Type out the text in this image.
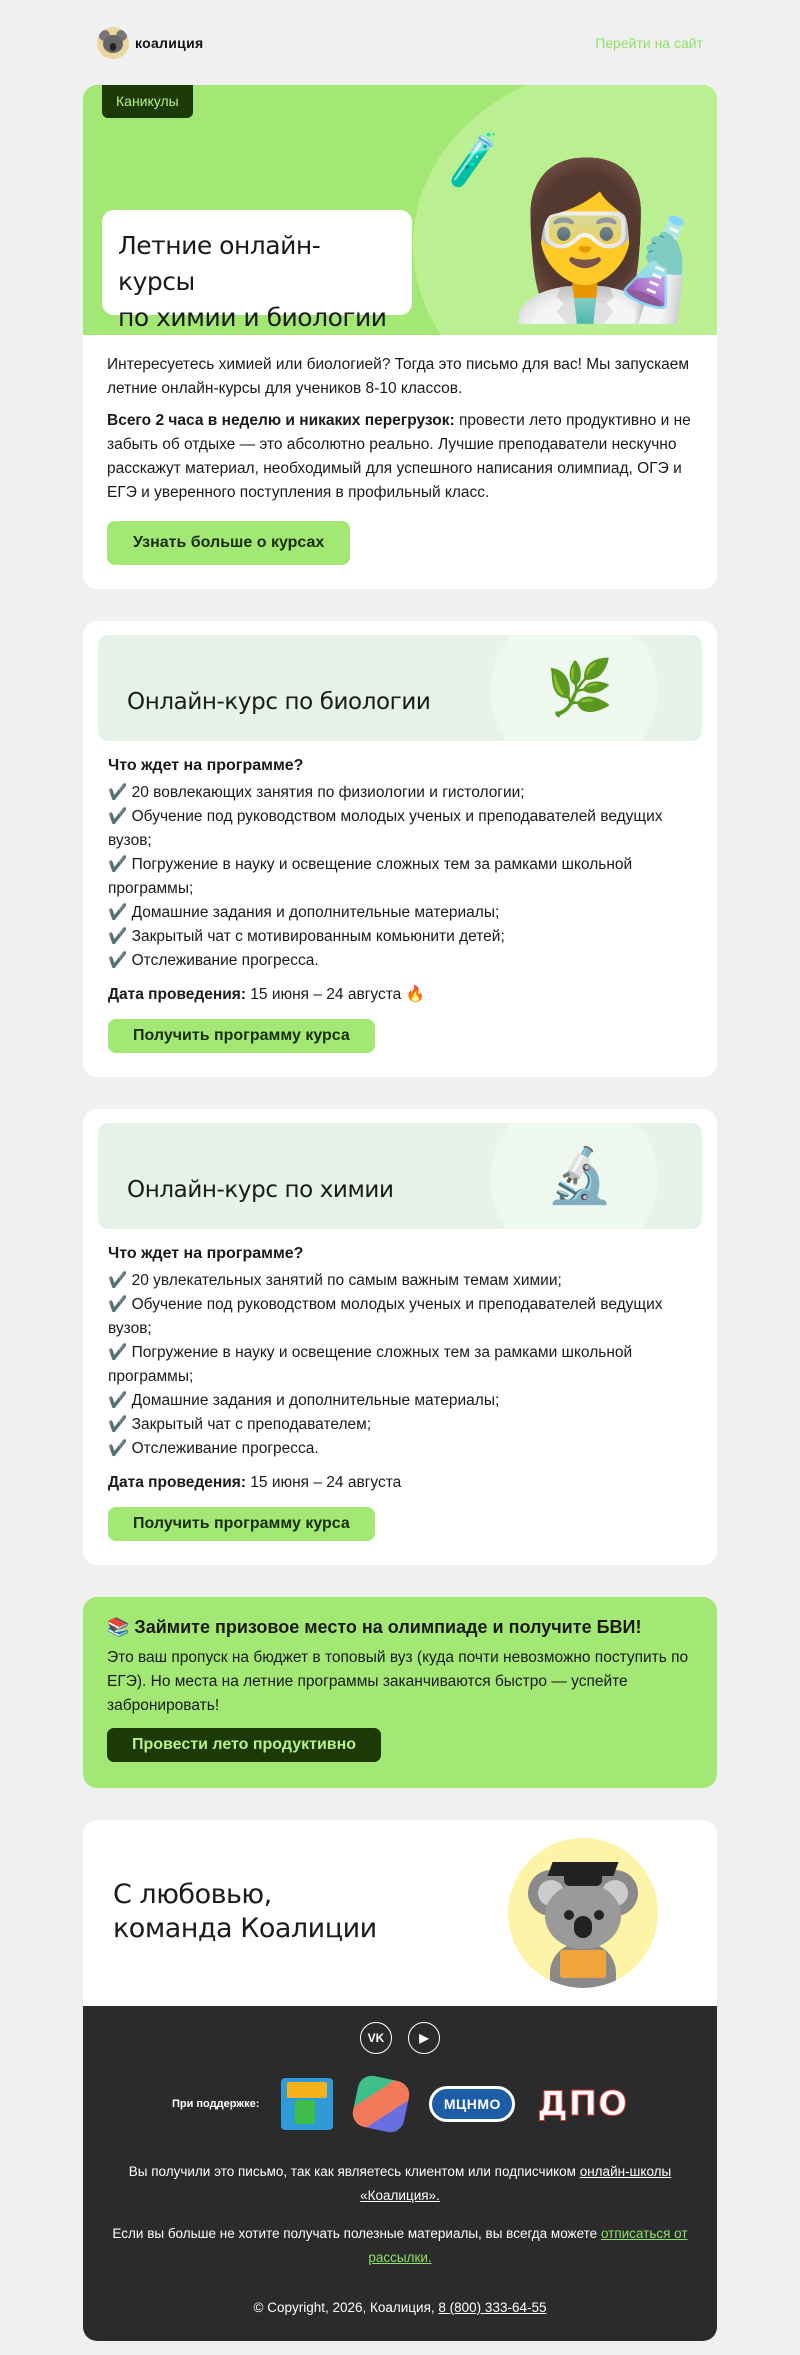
коалиция	Перейти на сайт
Каникулы
🧪 👩‍🔬
Летние онлайн-курсы
по химии и биологии

Интересуетесь химией или биологией? Тогда это письмо для вас! Мы запускаем летние онлайн-курсы для учеников 8-10 классов.

Всего 2 часа в неделю и никаких перегрузок: провести лето продуктивно и не забыть об отдыхе — это абсолютно реально. Лучшие преподаватели нескучно расскажут материал, необходимый для успешного написания олимпиад, ОГЭ и ЕГЭ и уверенного поступления в профильный класс.

Узнать больше о курсах
🌿
Онлайн-курс по биологии
Что ждет на программе?
✔️ 20 вовлекающих занятия по физиологии и гистологии;
✔️ Обучение под руководством молодых ученых и преподавателей ведущих вузов;
✔️ Погружение в науку и освещение сложных тем за рамками школьной программы;
✔️ Домашние задания и дополнительные материалы;
✔️ Закрытый чат с мотивированным комьюнити детей;
✔️ Отслеживание прогресса.
Дата проведения: 15 июня – 24 августа 🔥
Получить программу курса
🔬
Онлайн-курс по химии
Что ждет на программе?
✔️ 20 увлекательных занятий по самым важным темам химии;
✔️ Обучение под руководством молодых ученых и преподавателей ведущих вузов;
✔️ Погружение в науку и освещение сложных тем за рамками школьной программы;
✔️ Домашние задания и дополнительные материалы;
✔️ Закрытый чат с преподавателем;
✔️ Отслеживание прогресса.
Дата проведения: 15 июня – 24 августа
Получить программу курса
📚 Займите призовое место на олимпиаде и получите БВИ!
Это ваш пропуск на бюджет в топовый вуз (куда почти невозможно поступить по ЕГЭ). Но места на летние программы заканчиваются быстро — успейте забронировать!
Провести лето продуктивно
С любовью,
команда Коалиции
VK	▶
При поддержке:	МЦНМО	ДПО

Вы получили это письмо, так как являетесь клиентом или подписчиком онлайн-школы «Коалиция».

Если вы больше не хотите получать полезные материалы, вы всегда можете отписаться от рассылки.

© Copyright, 2026, Коалиция, 8 (800) 333-64-55
